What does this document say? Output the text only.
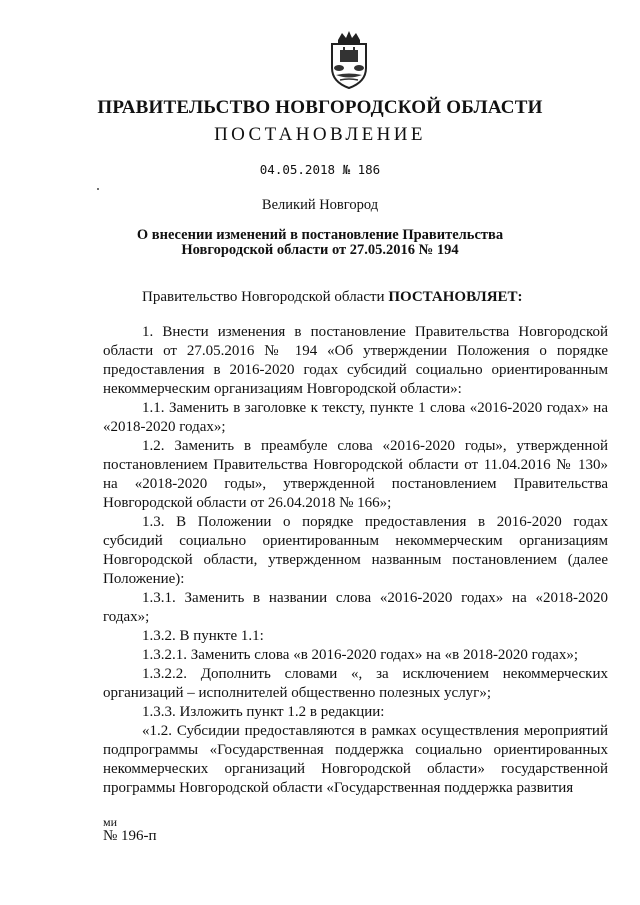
ПРАВИТЕЛЬСТВО НОВГОРОДСКОЙ ОБЛАСТИ
ПОСТАНОВЛЕНИЕ
04.05.2018 № 186
Великий Новгород
О внесении изменений в постановление Правительства
Новгородской области от 27.05.2016 № 194

Правительство Новгородской области ПОСТАНОВЛЯЕТ:

1. Внести изменения в постановление Правительства Новгородской области от 27.05.2016 № 194 «Об утверждении Положения о порядке предоставления в 2016-2020 годах субсидий социально ориентированным некоммерческим организациям Новгородской области»:

1.1. Заменить в заголовке к тексту, пункте 1 слова «2016-2020 годах» на «2018-2020 годах»;

1.2. Заменить в преамбуле слова «2016-2020 годы», утвержденной постановлением Правительства Новгородской области от 11.04.2016 № 130» на «2018-2020 годы», утвержденной постановлением Правительства Новгородской области от 26.04.2018 № 166»;

1.3. В Положении о порядке предоставления в 2016-2020 годах субсидий социально ориентированным некоммерческим организациям Новгородской области, утвержденном названным постановлением (далее Положение):

1.3.1. Заменить в названии слова «2016-2020 годах» на «2018-2020 годах»;

1.3.2. В пункте 1.1:

1.3.2.1. Заменить слова «в 2016-2020 годах» на «в 2018-2020 годах»;

1.3.2.2. Дополнить словами «, за исключением некоммерческих организаций – исполнителей общественно полезных услуг»;

1.3.3. Изложить пункт 1.2 в редакции:

«1.2. Субсидии предоставляются в рамках осуществления мероприятий подпрограммы «Государственная поддержка социально ориентированных некоммерческих организаций Новгородской области» государственной программы Новгородской области «Государственная поддержка развития

ми
№ 196-п
